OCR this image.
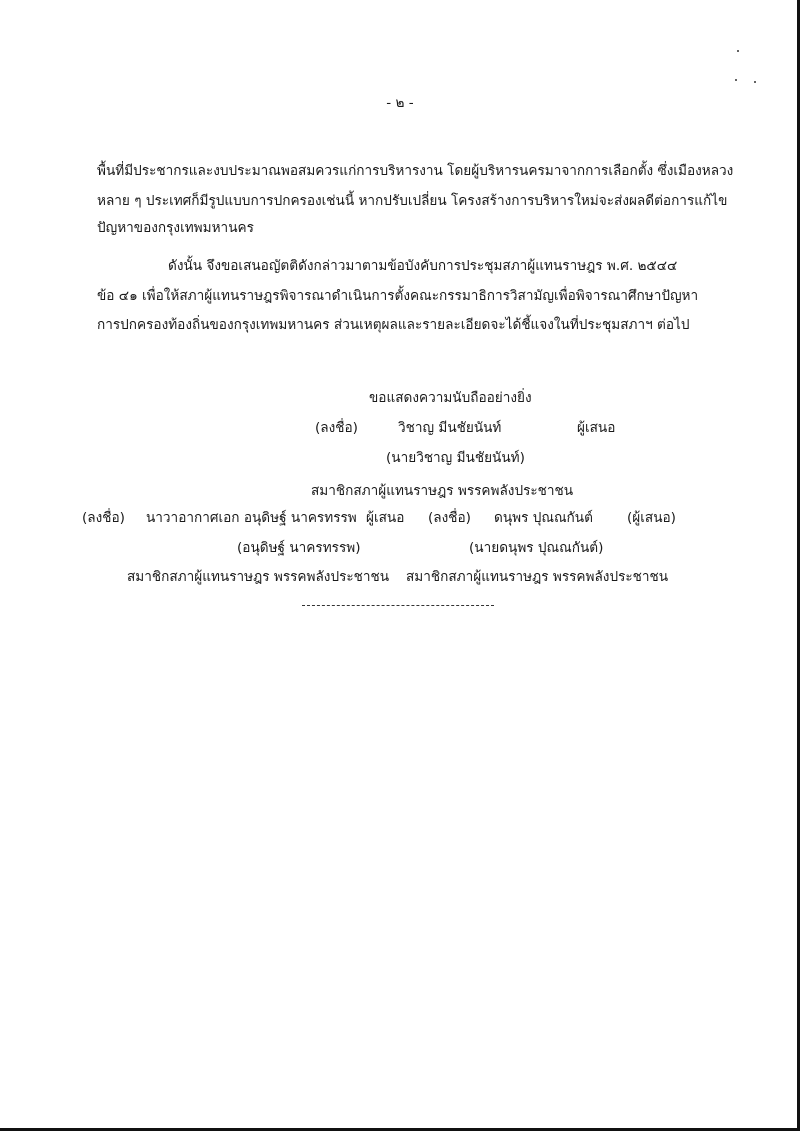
- ๒ -
พื้นที่มีประชากรและงบประมาณพอสมควรแก่การบริหารงาน โดยผู้บริหารนครมาจากการเลือกตั้ง ซึ่งเมืองหลวง
หลาย ๆ ประเทศก็มีรูปแบบการปกครองเช่นนี้ หากปรับเปลี่ยน โครงสร้างการบริหารใหม่จะส่งผลดีต่อการแก้ไข
ปัญหาของกรุงเทพมหานคร
ดังนั้น จึงขอเสนอญัตติดังกล่าวมาตามข้อบังคับการประชุมสภาผู้แทนราษฎร พ.ศ. ๒๕๔๔
ข้อ ๔๑ เพื่อให้สภาผู้แทนราษฎรพิจารณาดำเนินการตั้งคณะกรรมาธิการวิสามัญเพื่อพิจารณาศึกษาปัญหา
การปกครองท้องถิ่นของกรุงเทพมหานคร ส่วนเหตุผลและรายละเอียดจะได้ชี้แจงในที่ประชุมสภาฯ ต่อไป
ขอแสดงความนับถืออย่างยิ่ง
(ลงชื่อ)	วิชาญ มีนชัยนันท์	ผู้เสนอ
(นายวิชาญ มีนชัยนันท์)
สมาชิกสภาผู้แทนราษฎร พรรคพลังประชาชน
(ลงชื่อ) นาวาอากาศเอก อนุดิษฐ์ นาครทรรพ ผู้เสนอ (ลงชื่อ) ดนุพร ปุณณกันต์	(ผู้เสนอ)
(อนุดิษฐ์ นาครทรรพ)	(นายดนุพร ปุณณกันต์)
สมาชิกสภาผู้แทนราษฎร พรรคพลังประชาชน สมาชิกสภาผู้แทนราษฎร พรรคพลังประชาชน
